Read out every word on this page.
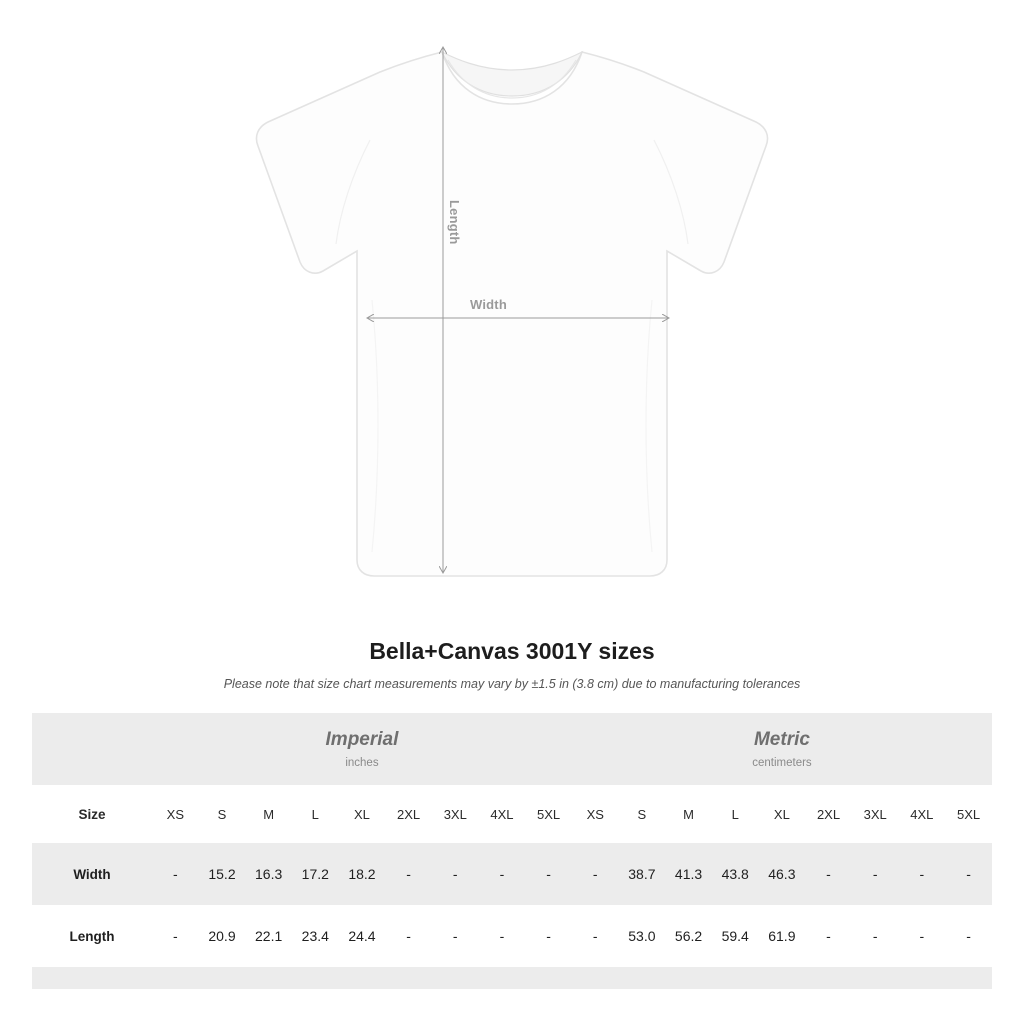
Length
Width
Bella+Canvas 3001Y sizes

Please note that size chart measurements may vary by ±1.5 in (3.8 cm) due to manufacturing tolerances

Imperial
inches

Metric
centimeters

Size	XS	S	M	L	XL	2XL	3XL	4XL	5XL	XS	S	M	L	XL	2XL	3XL	4XL	5XL
Width	-	15.2	16.3	17.2	18.2	-	-	-	-	-	38.7	41.3	43.8	46.3	-	-	-	-
Length	-	20.9	22.1	23.4	24.4	-	-	-	-	-	53.0	56.2	59.4	61.9	-	-	-	-
